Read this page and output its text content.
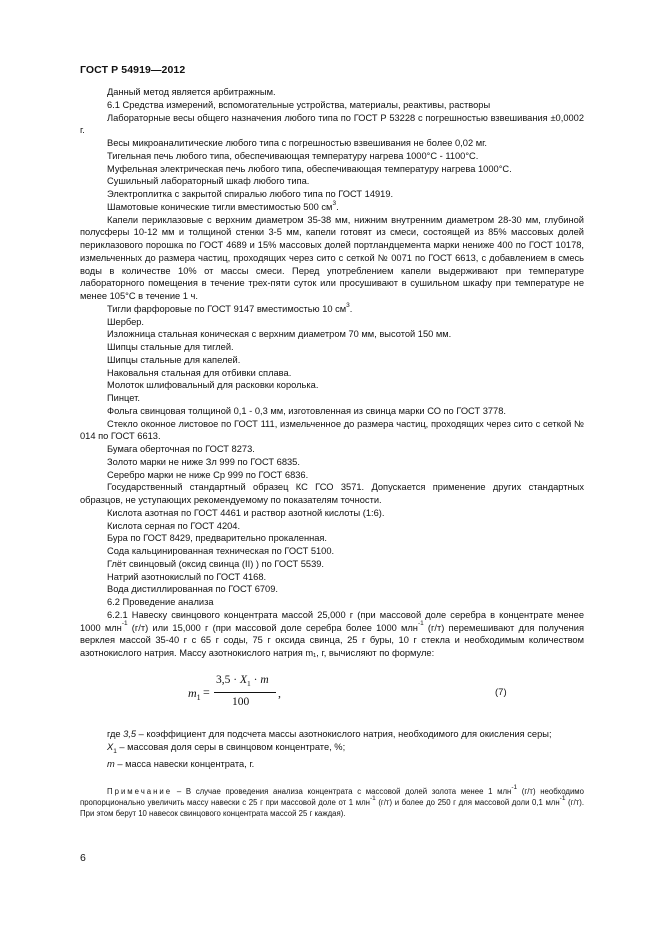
ГОСТ Р 54919—2012

Данный метод является арбитражным.

6.1 Средства измерений, вспомогательные устройства, материалы, реактивы, растворы

Лабораторные весы общего назначения любого типа по ГОСТ Р 53228 с погрешностью взвешивания ±0,0002 г.

Весы микроаналитические любого типа с погрешностью взвешивания не более 0,02 мг.

Тигельная печь любого типа, обеспечивающая температуру нагрева 1000°С - 1100°С.

Муфельная электрическая печь любого типа, обеспечивающая температуру нагрева 1000°С.

Сушильный лабораторный шкаф любого типа.

Электроплитка с закрытой спиралью любого типа по ГОСТ 14919.

Шамотовые конические тигли вместимостью 500 $см^3$.

Капели периклазовые с верхним диаметром 35-38 мм, нижним внутренним диаметром 28-30 мм, глубиной полусферы 10-12 мм и толщиной стенки 3-5 мм, капели готовят из смеси, состоящей из 85% массовых долей периклазового порошка по ГОСТ 4689 и 15% массовых долей портландцемента марки нениже 400 по ГОСТ 10178, измельченных до размера частиц, проходящих через сито с сеткой № 0071 по ГОСТ 6613, с добавлением в смесь воды в количестве 10% от массы смеси. Перед употреблением капели выдерживают при температуре лабораторного помещения в течение трех-пяти суток или просушивают в сушильном шкафу при температуре не менее 105°С в течение 1 ч.

Тигли фарфоровые по ГОСТ 9147 вместимостью 10 $см^3$.

Шербер.

Изложница стальная коническая с верхним диаметром 70 мм, высотой 150 мм.

Шипцы стальные для тиглей.

Шипцы стальные для капелей.

Наковальня стальная для отбивки сплава.

Молоток шлифовальный для расковки королька.

Пинцет.

Фольга свинцовая толщиной 0,1 - 0,3 мм, изготовленная из свинца марки СО по ГОСТ 3778.

Стекло оконное листовое по ГОСТ 111, измельченное до размера частиц, проходящих через сито с сеткой № 014 по ГОСТ 6613.

Бумага оберточная по ГОСТ 8273.

Золото марки не ниже Зл 999 по ГОСТ 6835.

Серебро марки не ниже Ср 999 по ГОСТ 6836.

Государственный стандартный образец КС ГСО 3571. Допускается применение других стандартных образцов, не уступающих рекомендуемому по показателям точности.

Кислота азотная по ГОСТ 4461 и раствор азотной кислоты (1:6).

Кислота серная по ГОСТ 4204.

Бура по ГОСТ 8429, предварительно прокаленная.

Сода кальцинированная техническая по ГОСТ 5100.

Глёт свинцовый (оксид свинца (II) ) по ГОСТ 5539.

Натрий азотнокислый по ГОСТ 4168.

Вода дистиллированная по ГОСТ 6709.

6.2 Проведение анализа

6.2.1 Навеску свинцового концентрата массой 25,000 г (при массовой доле серебра в концентрате менее 1000 млн$^{-1}$ (г/т) или 15,000 г (при массовой доле серебра более 1000 млн$^{-1}$ (г/т) перемешивают для получения верклея массой 35-40 г с 65 г соды, 75 г оксида свинца, 25 г буры, 10 г стекла и необходимым количеством азотнокислого натрия. Массу азотнокислого натрия m₁, г, вычисляют по формуле:

$m_1$ =
$3,5 \cdot X_1 \cdot m$
,
100
(7)

где 3,5 – коэффициент для подсчета массы азотнокислого натрия, необходимого для окисления серы;

$X_1$ – массовая доля серы в свинцовом концентрате, %;

m – масса навески концентрата, г.

Примечание – В случае проведения анализа концентрата с массовой долей золота менее 1 млн$^{-1}$ (г/т) необходимо пропорционально увеличить массу навески с 25 г при массовой доле от 1 млн$^{-1}$ (г/т) и более до 250 г для массовой доли 0,1 млн$^{-1}$ (г/т). При этом берут 10 навесок свинцового концентрата массой 25 г каждая).

6
